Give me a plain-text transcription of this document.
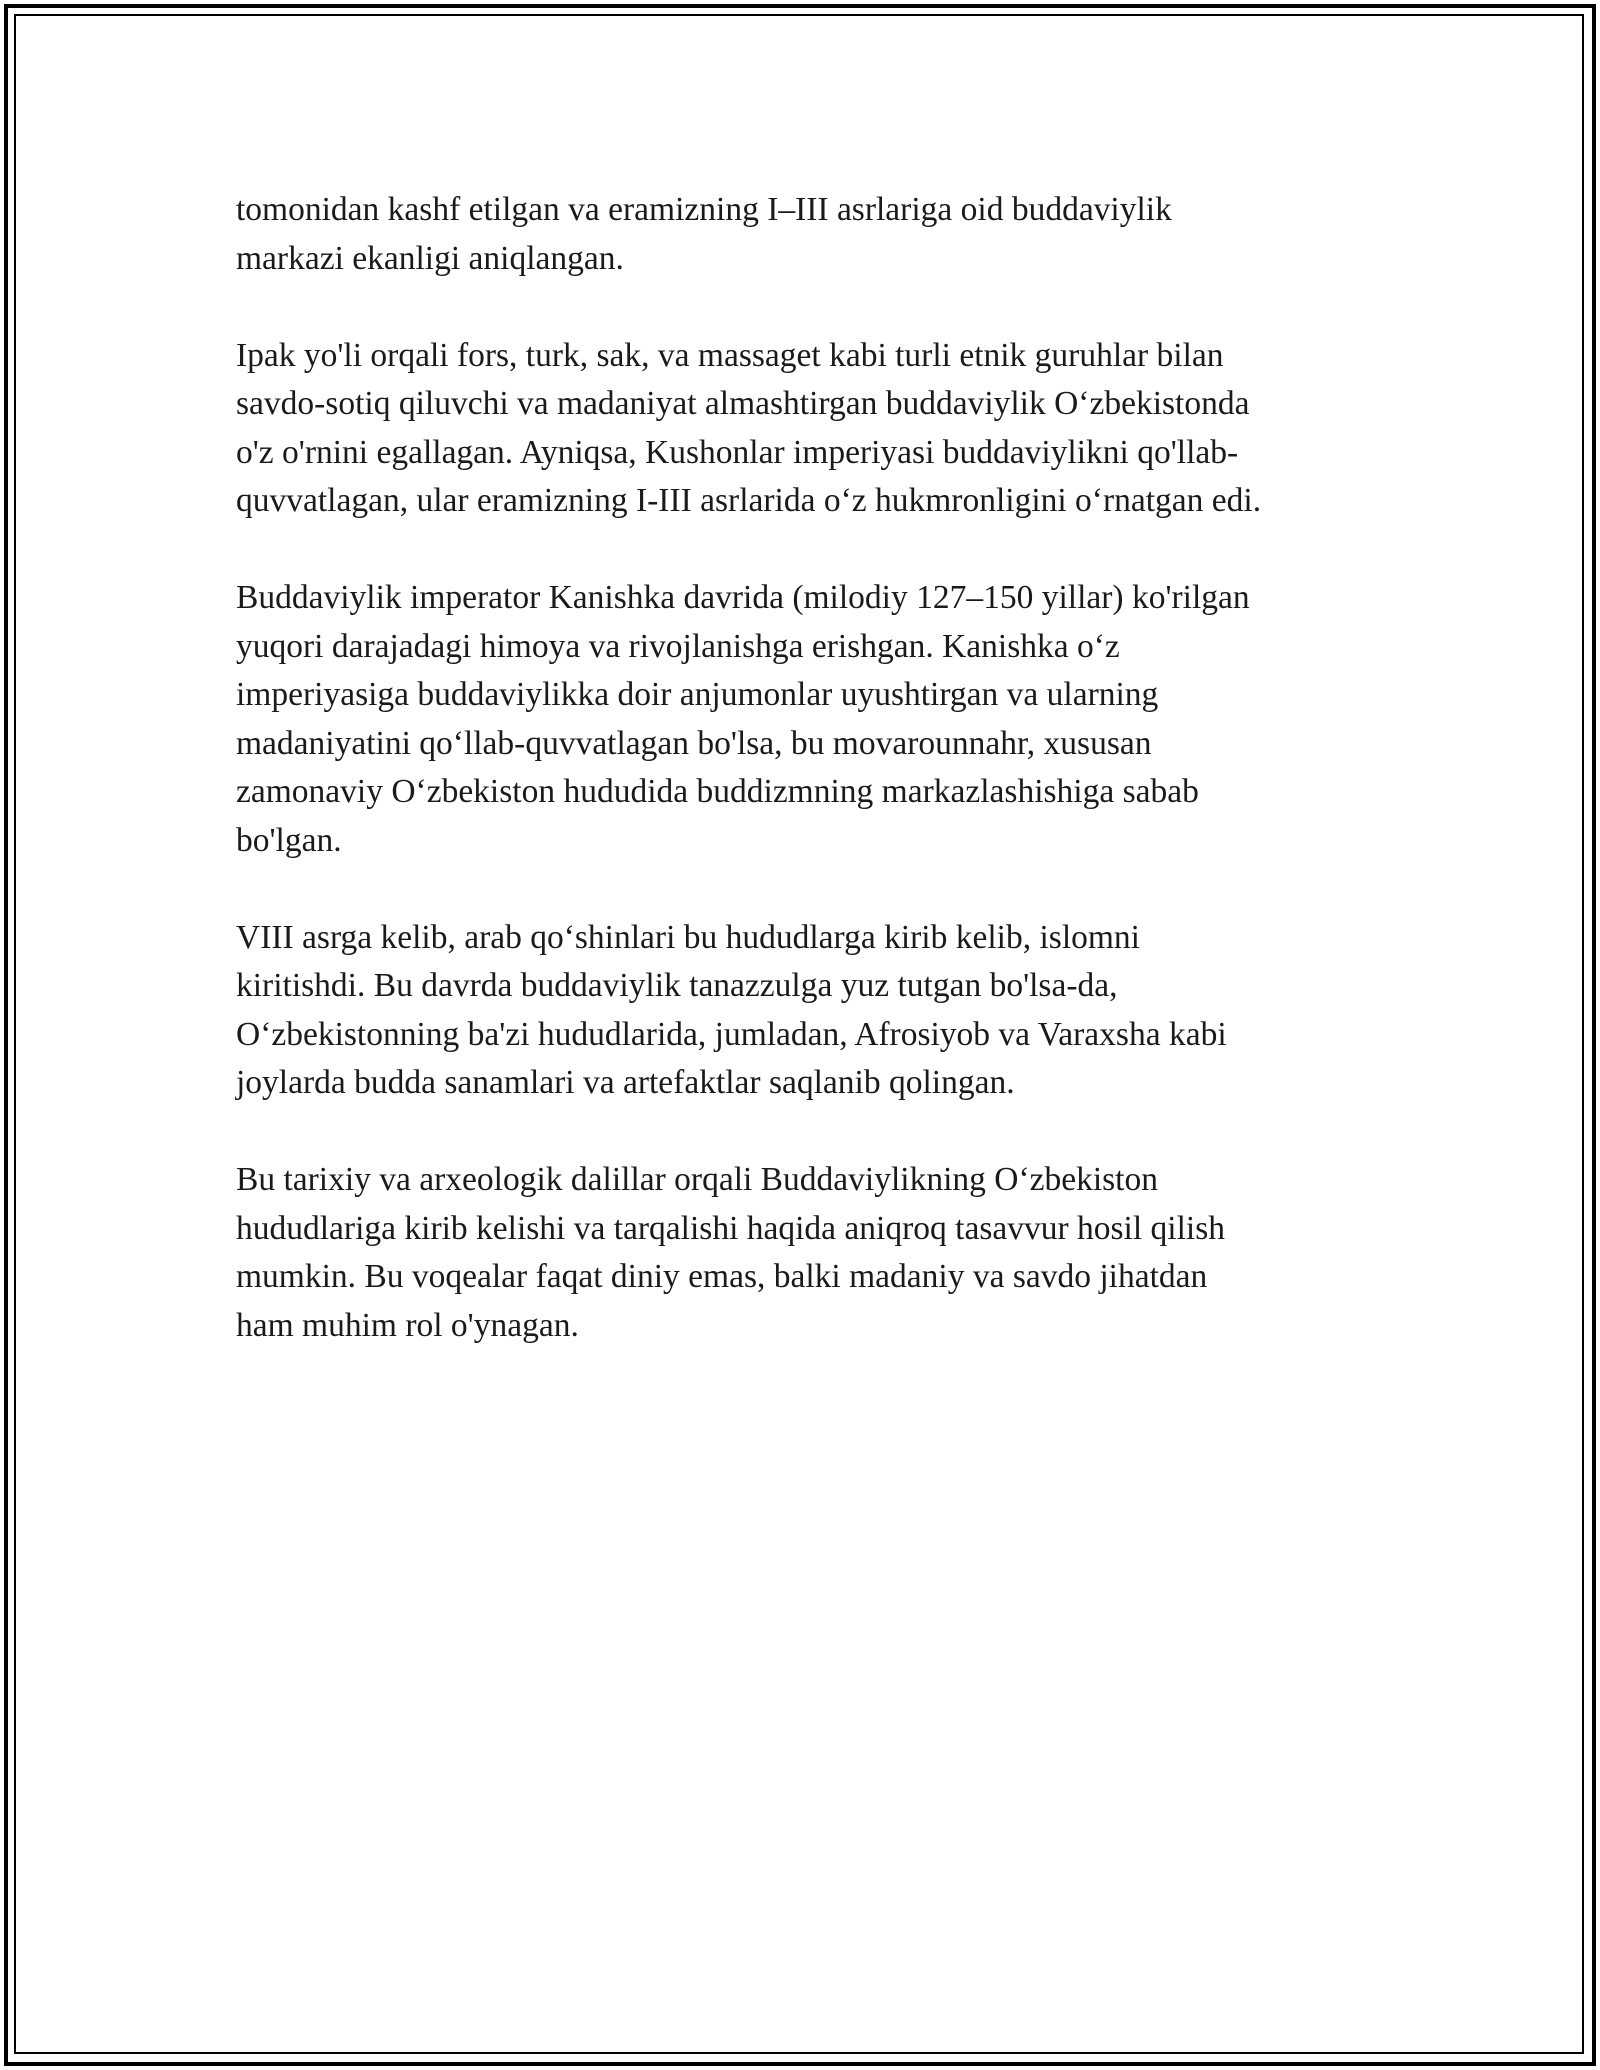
tomonidan kashf etilgan va eramizning I–III asrlariga oid buddaviylik
markazi ekanligi aniqlangan.

Ipak yo'li orqali fors, turk, sak, va massaget kabi turli etnik guruhlar bilan
savdo-sotiq qiluvchi va madaniyat almashtirgan buddaviylik O‘zbekistonda
o'z o'rnini egallagan. Ayniqsa, Kushonlar imperiyasi buddaviylikni qo'llab-
quvvatlagan, ular eramizning I-III asrlarida o‘z hukmronligini o‘rnatgan edi.

Buddaviylik imperator Kanishka davrida (milodiy 127–150 yillar) ko'rilgan
yuqori darajadagi himoya va rivojlanishga erishgan. Kanishka o‘z
imperiyasiga buddaviylikka doir anjumonlar uyushtirgan va ularning
madaniyatini qo‘llab-quvvatlagan bo'lsa, bu movarounnahr, xususan
zamonaviy O‘zbekiston hududida buddizmning markazlashishiga sabab
bo'lgan.

VIII asrga kelib, arab qo‘shinlari bu hududlarga kirib kelib, islomni
kiritishdi. Bu davrda buddaviylik tanazzulga yuz tutgan bo'lsa-da,
O‘zbekistonning ba'zi hududlarida, jumladan, Afrosiyob va Varaxsha kabi
joylarda budda sanamlari va artefaktlar saqlanib qolingan.

Bu tarixiy va arxeologik dalillar orqali Buddaviylikning O‘zbekiston
hududlariga kirib kelishi va tarqalishi haqida aniqroq tasavvur hosil qilish
mumkin. Bu voqealar faqat diniy emas, balki madaniy va savdo jihatdan
ham muhim rol o'ynagan.
